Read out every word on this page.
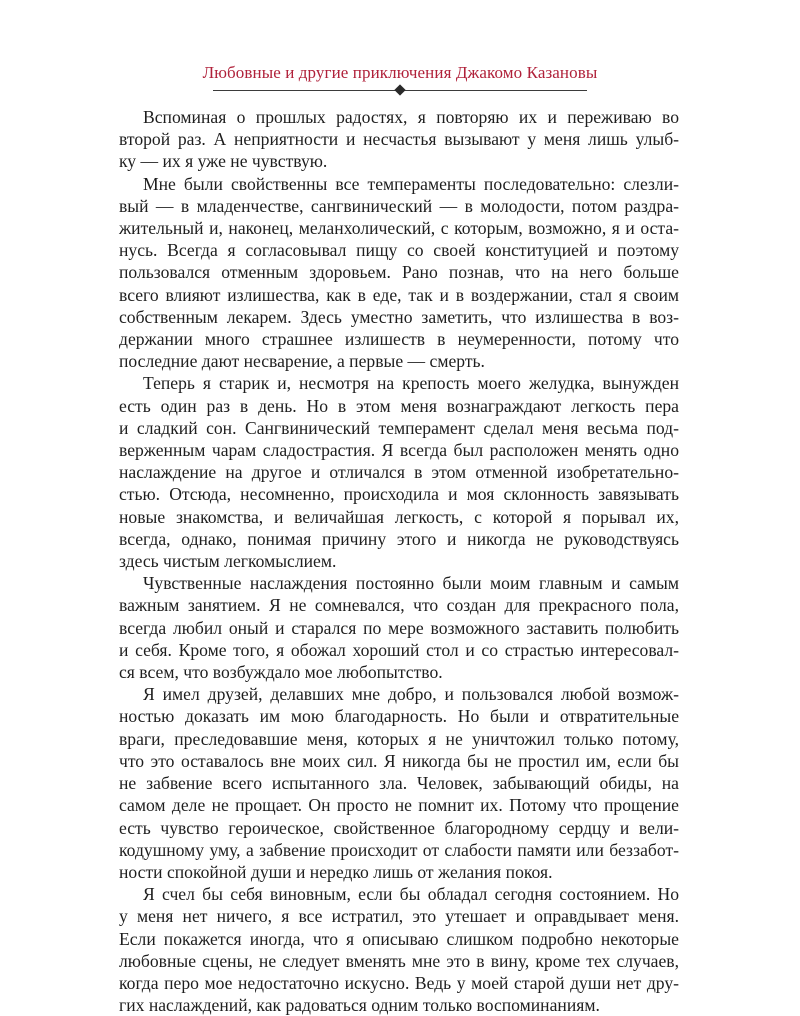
Любовные и другие приключения Джакомо Казановы
Вспоминая о прошлых радостях, я повторяю их и переживаю во
второй раз. А неприятности и несчастья вызывают у меня лишь улыб-
ку — их я уже не чувствую.
Мне были свойственны все темпераменты последовательно: слезли-
вый — в младенчестве, сангвинический — в молодости, потом раздра-
жительный и, наконец, меланхолический, с которым, возможно, я и оста-
нусь. Всегда я согласовывал пищу со своей конституцией и поэтому
пользовался отменным здоровьем. Рано познав, что на него больше
всего влияют излишества, как в еде, так и в воздержании, стал я своим
собственным лекарем. Здесь уместно заметить, что излишества в воз-
держании много страшнее излишеств в неумеренности, потому что
последние дают несварение, а первые — смерть.
Теперь я старик и, несмотря на крепость моего желудка, вынужден
есть один раз в день. Но в этом меня вознаграждают легкость пера
и сладкий сон. Сангвинический темперамент сделал меня весьма под-
верженным чарам сладострастия. Я всегда был расположен менять одно
наслаждение на другое и отличался в этом отменной изобретательно-
стью. Отсюда, несомненно, происходила и моя склонность завязывать
новые знакомства, и величайшая легкость, с которой я порывал их,
всегда, однако, понимая причину этого и никогда не руководствуясь
здесь чистым легкомыслием.
Чувственные наслаждения постоянно были моим главным и самым
важным занятием. Я не сомневался, что создан для прекрасного пола,
всегда любил оный и старался по мере возможного заставить полюбить
и себя. Кроме того, я обожал хороший стол и со страстью интересовал-
ся всем, что возбуждало мое любопытство.
Я имел друзей, делавших мне добро, и пользовался любой возмож-
ностью доказать им мою благодарность. Но были и отвратительные
враги, преследовавшие меня, которых я не уничтожил только потому,
что это оставалось вне моих сил. Я никогда бы не простил им, если бы
не забвение всего испытанного зла. Человек, забывающий обиды, на
самом деле не прощает. Он просто не помнит их. Потому что прощение
есть чувство героическое, свойственное благородному сердцу и вели-
кодушному уму, а забвение происходит от слабости памяти или беззабот-
ности спокойной души и нередко лишь от желания покоя.
Я счел бы себя виновным, если бы обладал сегодня состоянием. Но
у меня нет ничего, я все истратил, это утешает и оправдывает меня.
Если покажется иногда, что я описываю слишком подробно некоторые
любовные сцены, не следует вменять мне это в вину, кроме тех случаев,
когда перо мое недостаточно искусно. Ведь у моей старой души нет дру-
гих наслаждений, как радоваться одним только воспоминаниям.
